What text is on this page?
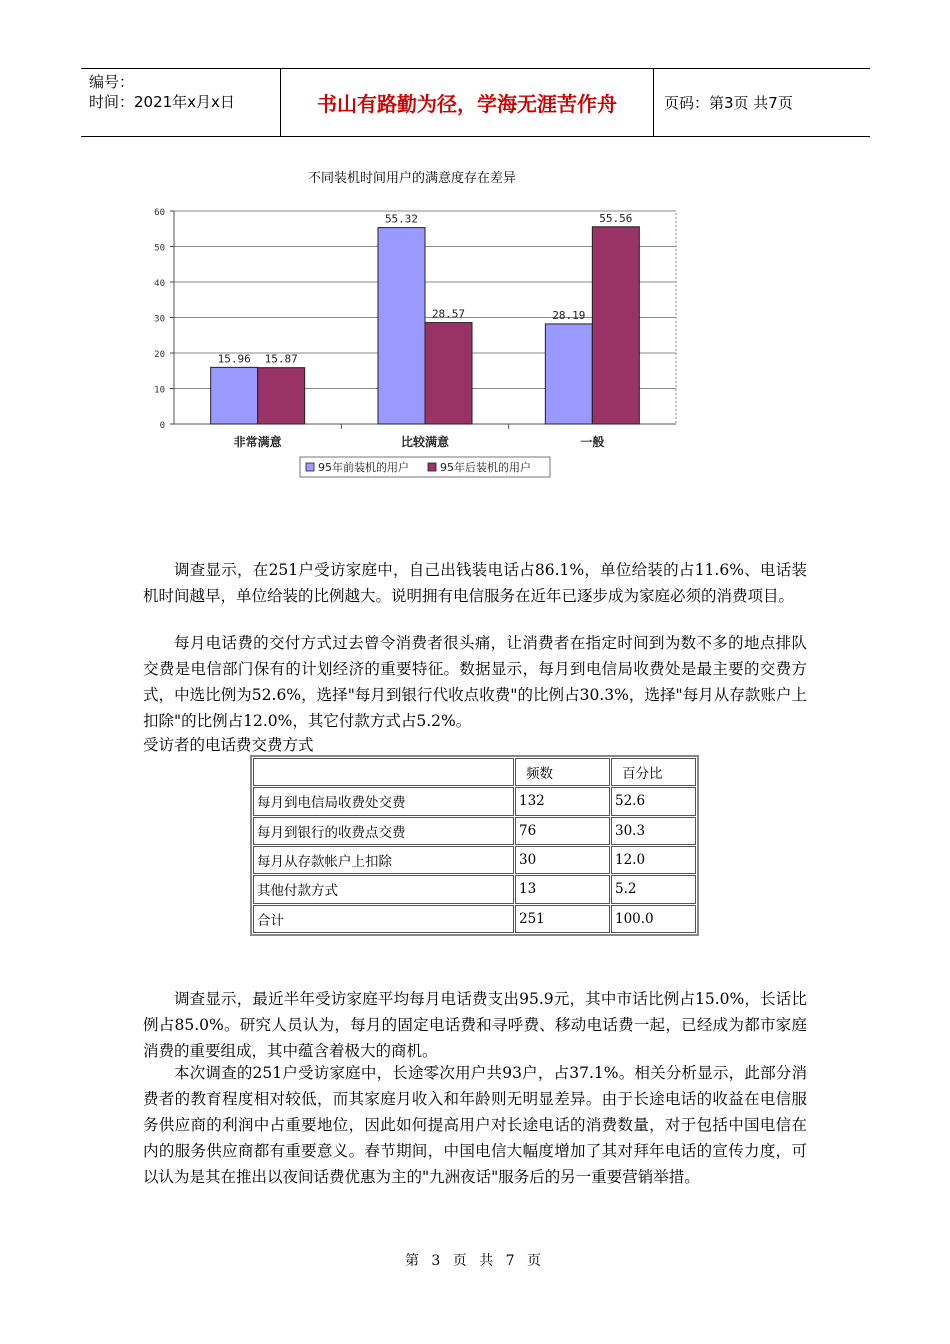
编号：
时间：2021年x月x日	书山有路勤为径，学海无涯苦作舟	页码：第3页 共7页
不同装机时间用户的满意度存在差异
0
10
20
30
40
50
60
15.96 15.87
非常满意
55.32
28.57
比较满意
28.19
55.56
一般
95年前装机的用户	95年后装机的用户

调查显示，在251户受访家庭中，自己出钱装电话占86.1%，单位给装的占11.6%、电话装机时间越早，单位给装的比例越大。说明拥有电信服务在近年已逐步成为家庭必须的消费项目。

每月电话费的交付方式过去曾令消费者很头痛，让消费者在指定时间到为数不多的地点排队交费是电信部门保有的计划经济的重要特征。数据显示，每月到电信局收费处是最主要的交费方式，中选比例为52.6%，选择"每月到银行代收点收费"的比例占30.3%，选择"每月从存款账户上扣除"的比例占12.0%，其它付款方式占5.2%。

受访者的电话费交费方式
	频数	百分比
每月到电信局收费处交费	132	52.6
每月到银行的收费点交费	76	30.3
每月从存款帐户上扣除	30	12.0
其他付款方式	13	5.2
合计	251	100.0

调查显示，最近半年受访家庭平均每月电话费支出95.9元，其中市话比例占15.0%，长话比例占85.0%。研究人员认为，每月的固定电话费和寻呼费、移动电话费一起，已经成为都市家庭消费的重要组成，其中蕴含着极大的商机。

本次调查的251户受访家庭中，长途零次用户共93户，占37.1%。相关分析显示，此部分消费者的教育程度相对较低，而其家庭月收入和年龄则无明显差异。由于长途电话的收益在电信服务供应商的利润中占重要地位，因此如何提高用户对长途电话的消费数量，对于包括中国电信在内的服务供应商都有重要意义。春节期间，中国电信大幅度增加了其对拜年电话的宣传力度，可以认为是其在推出以夜间话费优惠为主的"九洲夜话"服务后的另一重要营销举措。

第 3 页 共 7 页
